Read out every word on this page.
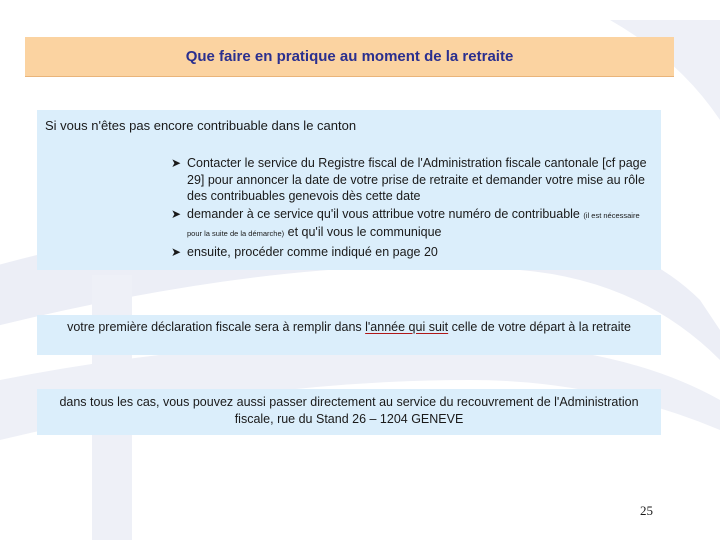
Que faire en pratique au moment de la retraite
Si vous n'êtes pas encore contribuable dans le canton
➤ Contacter le service du Registre fiscal de l'Administration fiscale cantonale [cf page 29] pour annoncer la date de votre prise de retraite et demander votre mise au rôle des contribuables genevois dès cette date
➤ demander à ce service qu'il vous attribue votre numéro de contribuable (il est nécessaire pour la suite de la démarche) et qu'il vous le communique
➤ ensuite, procéder comme indiqué en page 20
votre première déclaration fiscale sera à remplir dans l'année qui suit celle de votre départ à la retraite
dans tous les cas, vous pouvez aussi passer directement au service du recouvrement de l'Administration fiscale, rue du Stand 26 – 1204 GENEVE
25
